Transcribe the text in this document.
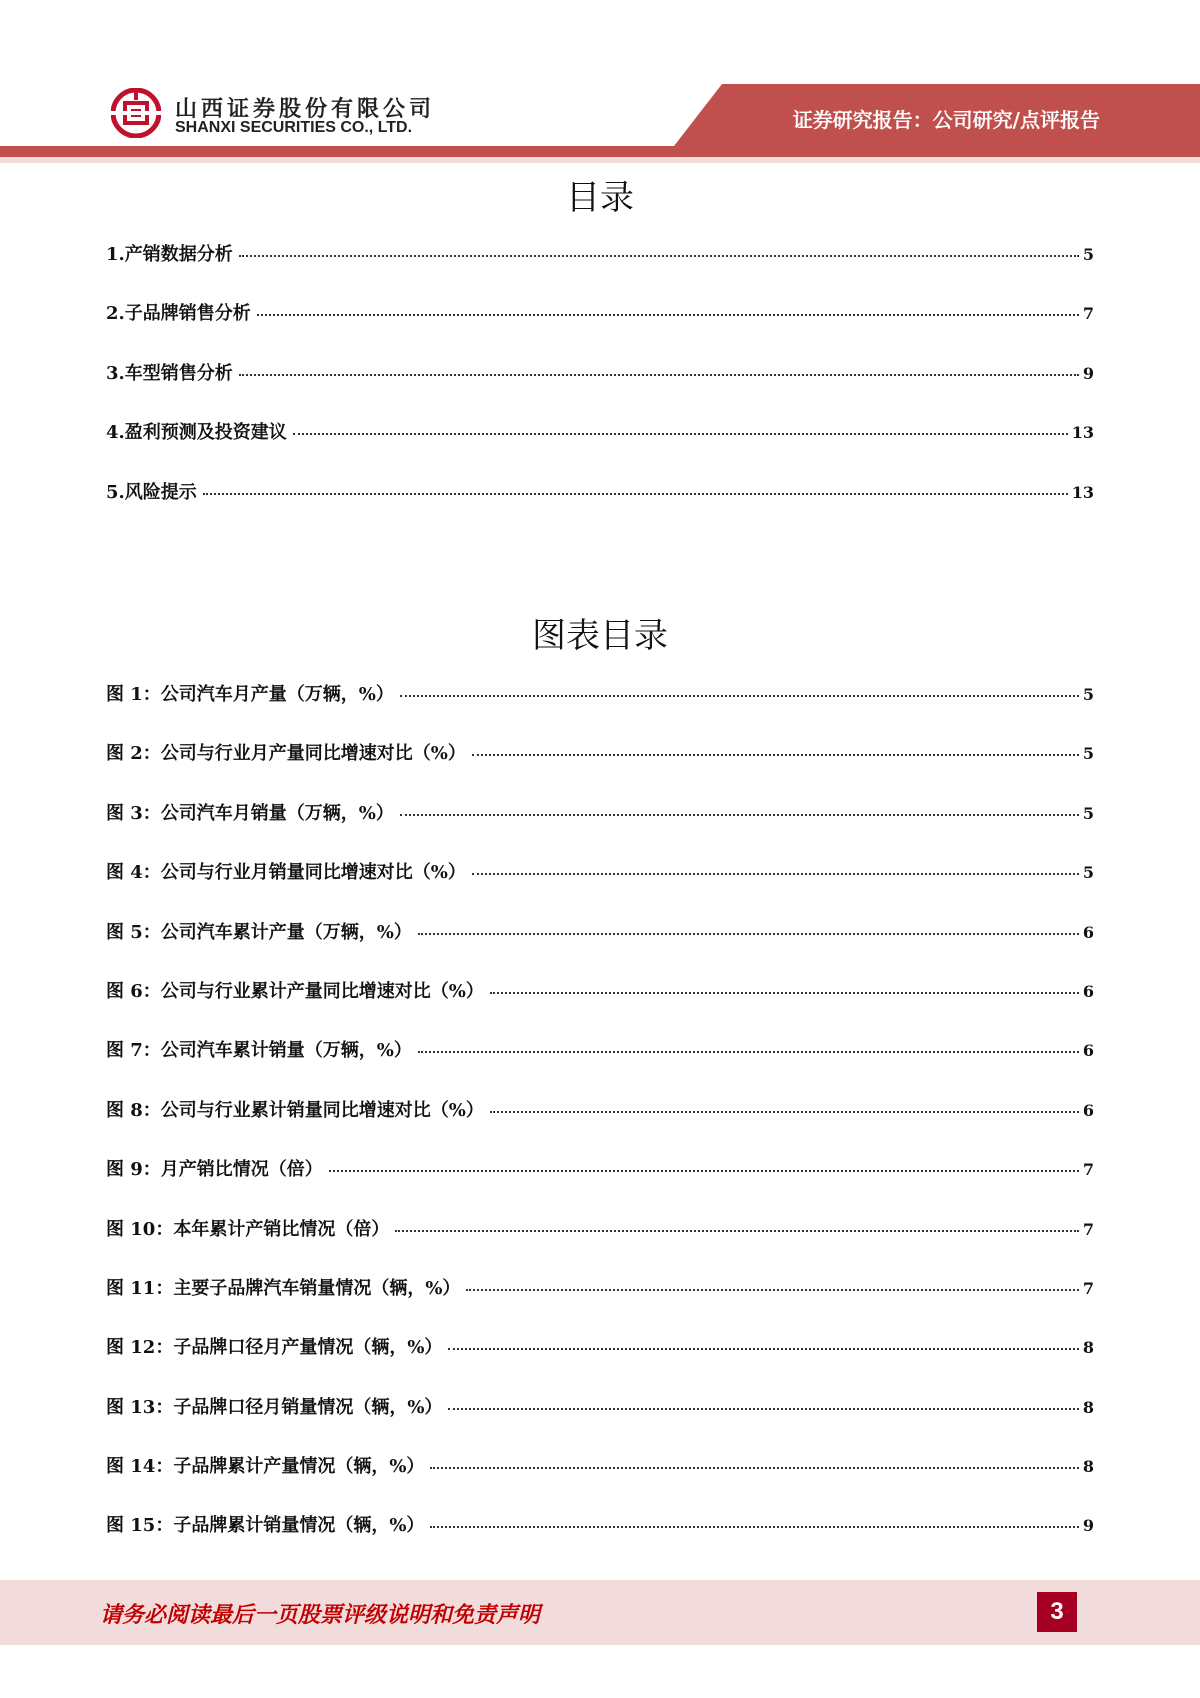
证券研究报告：公司研究/点评报告
山西证券股份有限公司
SHANXI SECURITIES CO., LTD.
目录
1.产销数据分析	5
2.子品牌销售分析	7
3.车型销售分析	9
4.盈利预测及投资建议	13
5.风险提示	13
图表目录
图 1：公司汽车月产量（万辆，%）	5
图 2：公司与行业月产量同比增速对比（%）	5
图 3：公司汽车月销量（万辆，%）	5
图 4：公司与行业月销量同比增速对比（%）	5
图 5：公司汽车累计产量（万辆，%）	6
图 6：公司与行业累计产量同比增速对比（%）	6
图 7：公司汽车累计销量（万辆，%）	6
图 8：公司与行业累计销量同比增速对比（%）	6
图 9：月产销比情况（倍）	7
图 10：本年累计产销比情况（倍）	7
图 11：主要子品牌汽车销量情况（辆，%）	7
图 12：子品牌口径月产量情况（辆，%）	8
图 13：子品牌口径月销量情况（辆，%）	8
图 14：子品牌累计产量情况（辆，%）	8
图 15：子品牌累计销量情况（辆，%）	9
请务必阅读最后一页股票评级说明和免责声明	3
